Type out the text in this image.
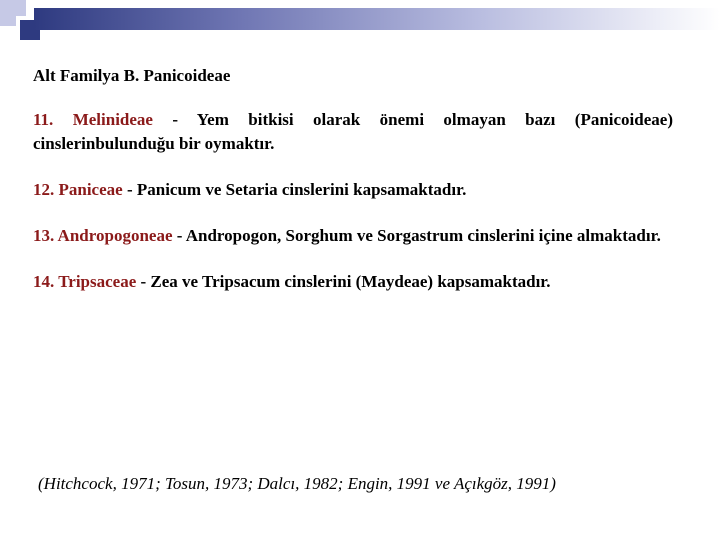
Alt Familya B. Panicoideae

11. Melinideae - Yem bitkisi olarak önemi olmayan bazı (Panicoideae) cinslerinbulunduğu bir oymaktır.

12. Paniceae - Panicum ve Setaria cinslerini kapsamaktadır.

13. Andropogoneae - Andropogon, Sorghum ve Sorgastrum cinslerini içine almaktadır.

14. Tripsaceae - Zea ve Tripsacum cinslerini (Maydeae) kapsamaktadır.

(Hitchcock, 1971; Tosun, 1973; Dalcı, 1982; Engin, 1991 ve Açıkgöz, 1991)
